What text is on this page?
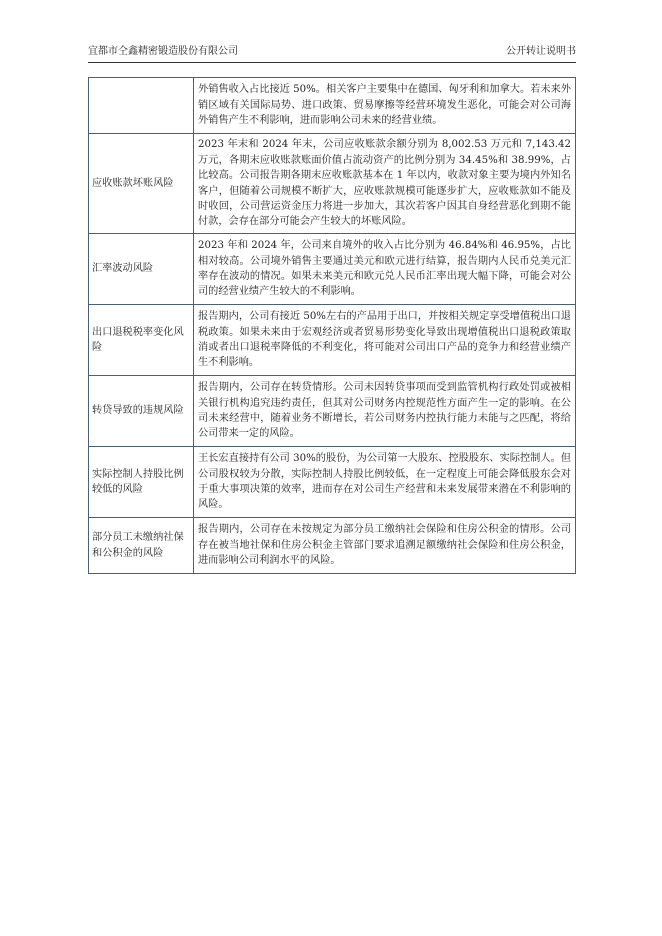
宜都市仝鑫精密锻造股份有限公司	公开转让说明书
	外销售收入占比接近 50%。相关客户主要集中在德国、匈牙利和加拿大。若未来外销区域有关国际局势、进口政策、贸易摩擦等经营环境发生恶化，可能会对公司海外销售产生不利影响，进而影响公司未来的经营业绩。
应收账款坏账风险	2023 年末和 2024 年末，公司应收账款余额分别为 8,002.53 万元和 7,143.42 万元，各期末应收账款账面价值占流动资产的比例分别为 34.45%和 38.99%，占比较高。公司报告期各期末应收账款基本在 1 年以内，收款对象主要为境内外知名客户，但随着公司规模不断扩大，应收账款规模可能逐步扩大，应收账款如不能及时收回，公司营运资金压力将进一步加大，其次若客户因其自身经营恶化到期不能付款，会存在部分可能会产生较大的坏账风险。
汇率波动风险	2023 年和 2024 年，公司来自境外的收入占比分别为 46.84%和 46.95%，占比相对较高。公司境外销售主要通过美元和欧元进行结算，报告期内人民币兑美元汇率存在波动的情况。如果未来美元和欧元兑人民币汇率出现大幅下降，可能会对公司的经营业绩产生较大的不利影响。
出口退税税率变化风险	报告期内，公司有接近 50%左右的产品用于出口，并按相关规定享受增值税出口退税政策。如果未来由于宏观经济或者贸易形势变化导致出现增值税出口退税政策取消或者出口退税率降低的不利变化，将可能对公司出口产品的竞争力和经营业绩产生不利影响。
转贷导致的违规风险	报告期内，公司存在转贷情形。公司未因转贷事项而受到监管机构行政处罚或被相关银行机构追究违约责任，但其对公司财务内控规范性方面产生一定的影响。在公司未来经营中，随着业务不断增长，若公司财务内控执行能力未能与之匹配，将给公司带来一定的风险。
实际控制人持股比例较低的风险	王长宏直接持有公司 30%的股份，为公司第一大股东、控股股东、实际控制人。但公司股权较为分散，实际控制人持股比例较低，在一定程度上可能会降低股东会对于重大事项决策的效率，进而存在对公司生产经营和未来发展带来潜在不利影响的风险。
部分员工未缴纳社保和公积金的风险	报告期内，公司存在未按规定为部分员工缴纳社会保险和住房公积金的情形。公司存在被当地社保和住房公积金主管部门要求追溯足额缴纳社会保险和住房公积金，进而影响公司利润水平的风险。
